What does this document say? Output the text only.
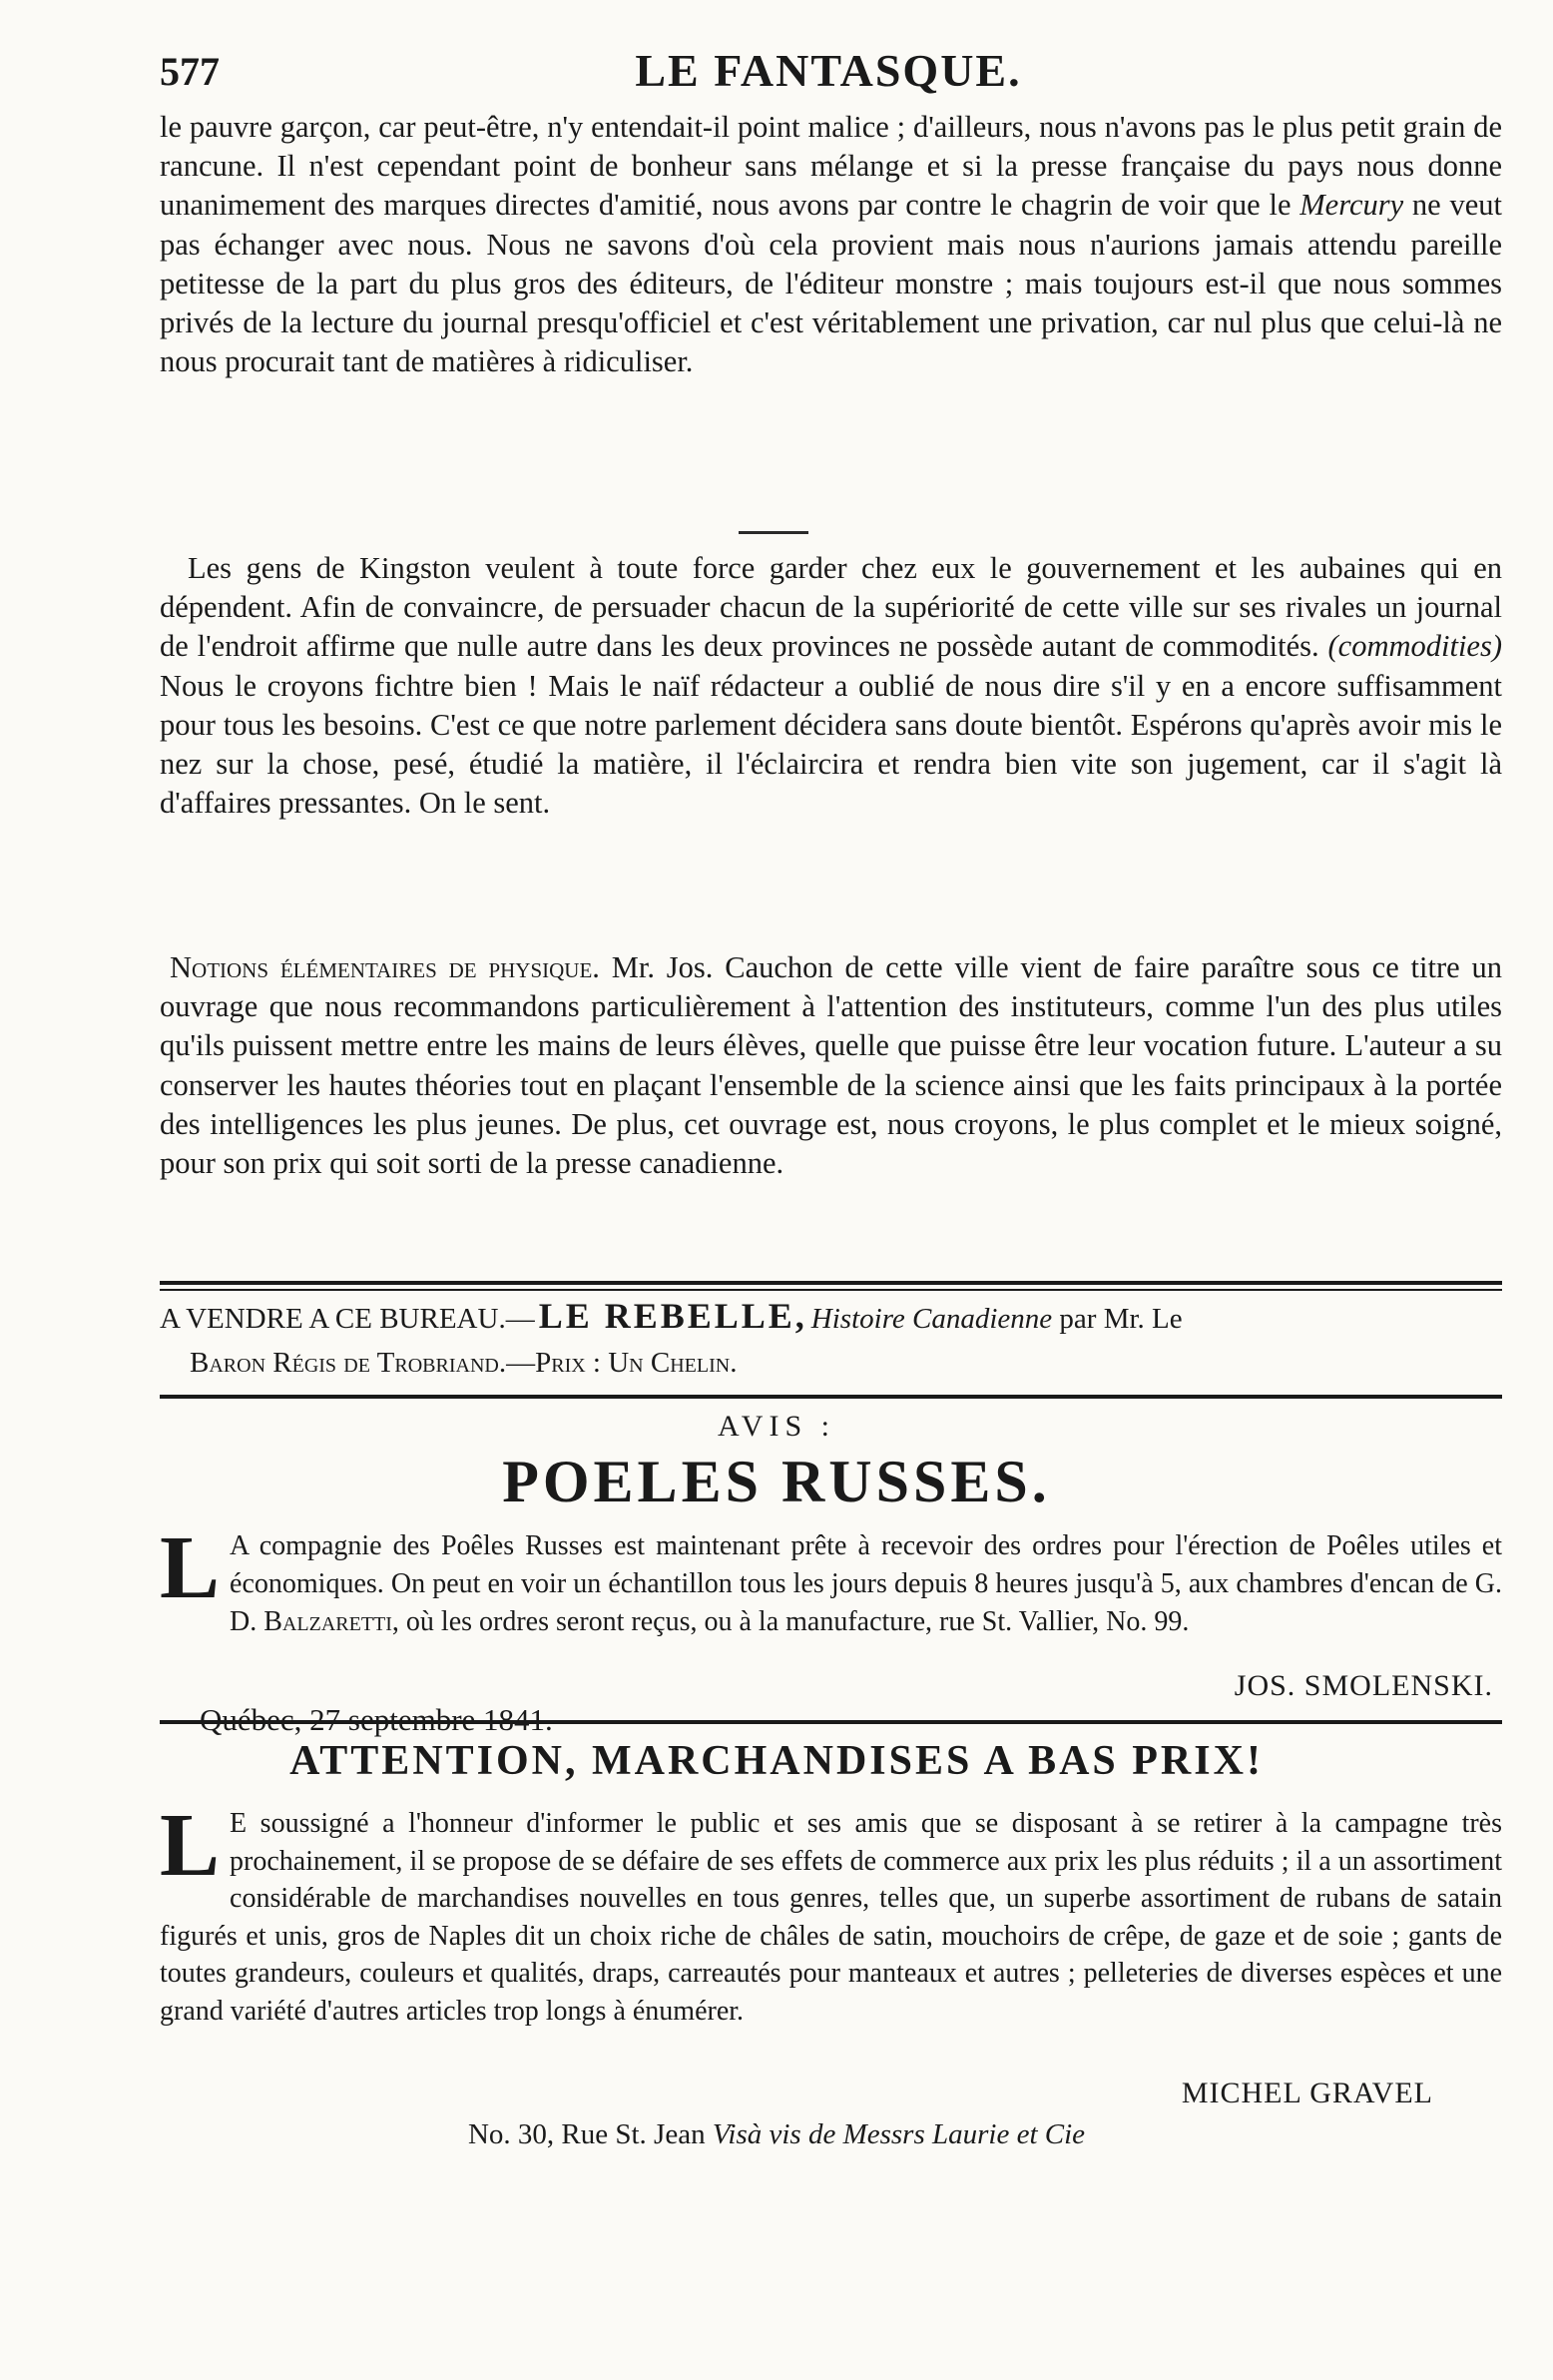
577	LE FANTASQUE.

le pauvre garçon, car peut-être, n'y entendait-il point malice ; d'ailleurs, nous n'avons pas le plus petit grain de rancune. Il n'est cependant point de bonheur sans mélange et si la presse française du pays nous donne unanimement des marques directes d'amitié, nous avons par contre le chagrin de voir que le Mercury ne veut pas échanger avec nous. Nous ne savons d'où cela provient mais nous n'aurions jamais attendu pareille petitesse de la part du plus gros des éditeurs, de l'éditeur monstre ; mais toujours est-il que nous sommes privés de la lecture du journal presqu'officiel et c'est véritablement une privation, car nul plus que celui-là ne nous procurait tant de matières à ridiculiser.

Les gens de Kingston veulent à toute force garder chez eux le gouvernement et les aubaines qui en dépendent. Afin de convaincre, de persuader chacun de la supériorité de cette ville sur ses rivales un journal de l'endroit affirme que nulle autre dans les deux provinces ne possède autant de commodités. (commodities) Nous le croyons fichtre bien ! Mais le naïf rédacteur a oublié de nous dire s'il y en a encore suffisamment pour tous les besoins. C'est ce que notre parlement décidera sans doute bientôt. Espérons qu'après avoir mis le nez sur la chose, pesé, étudié la matière, il l'éclaircira et rendra bien vite son jugement, car il s'agit là d'affaires pressantes. On le sent.

Notions élémentaires de physique. Mr. Jos. Cauchon de cette ville vient de faire paraître sous ce titre un ouvrage que nous recommandons particulièrement à l'attention des instituteurs, comme l'un des plus utiles qu'ils puissent mettre entre les mains de leurs élèves, quelle que puisse être leur vocation future. L'auteur a su conserver les hautes théories tout en plaçant l'ensemble de la science ainsi que les faits principaux à la portée des intelligences les plus jeunes. De plus, cet ouvrage est, nous croyons, le plus complet et le mieux soigné, pour son prix qui soit sorti de la presse canadienne.

A VENDRE A CE BUREAU.— LE REBELLE, Histoire Canadienne par Mr. Le
Baron Régis de Trobriand.—Prix : Un Chelin.
AVIS :
POELES RUSSES.

L A compagnie des Poêles Russes est maintenant prête à recevoir des ordres pour l'érection de Poêles utiles et économiques. On peut en voir un échantillon tous les jours depuis 8 heures jusqu'à 5, aux chambres d'encan de G. D. Balzaretti, où les ordres seront reçus, ou à la manufacture, rue St. Vallier, No. 99.

JOS. SMOLENSKI.
ATTENTION, MARCHANDISES A BAS PRIX!

L E soussigné a l'honneur d'informer le public et ses amis que se disposant à se retirer à la campagne très prochainement, il se propose de se défaire de ses effets de commerce aux prix les plus réduits ; il a un assortiment considérable de marchandises nouvelles en tous genres, telles que, un superbe assortiment de rubans de satain figurés et unis, gros de Naples dit un choix riche de châles de satin, mouchoirs de crêpe, de gaze et de soie ; gants de toutes grandeurs, couleurs et qualités, draps, carreautés pour manteaux et autres ; pelleteries de diverses espèces et une grand variété d'autres articles trop longs à énumérer.

MICHEL GRAVEL
No. 30, Rue St. Jean Visà vis de Messrs Laurie et Cie
